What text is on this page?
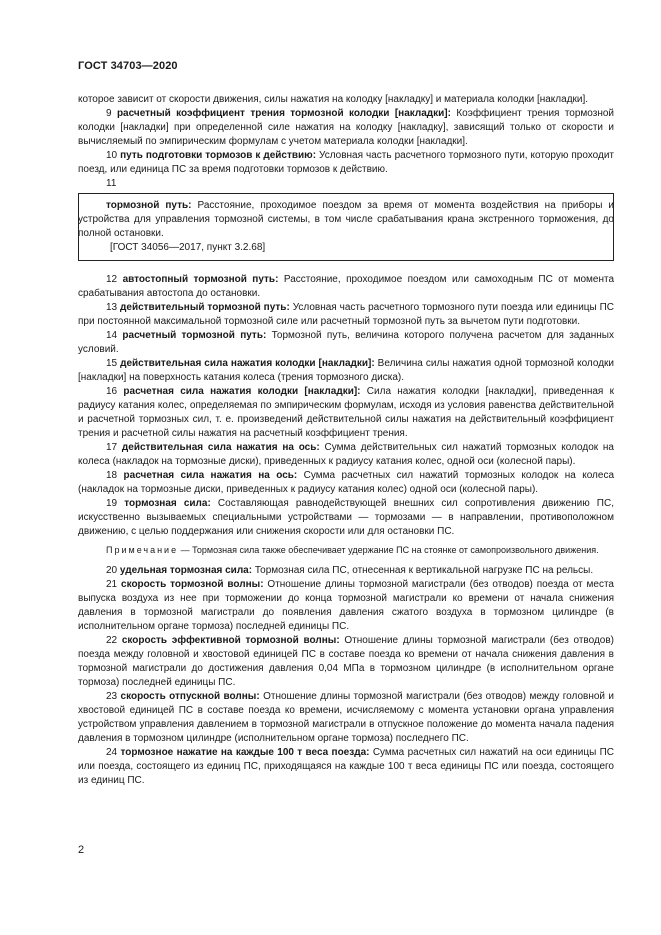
ГОСТ 34703—2020

которое зависит от скорости движения, силы нажатия на колодку [накладку] и материала колодки [накладки].

9 расчетный коэффициент трения тормозной колодки [накладки]: Коэффициент трения тормозной колодки [накладки] при определенной силе нажатия на колодку [накладку], зависящий только от скорости и вычисляемый по эмпирическим формулам с учетом материала колодки [накладки].

10 путь подготовки тормозов к действию: Условная часть расчетного тормозного пути, которую проходит поезд, или единица ПС за время подготовки тормозов к действию.

11

тормозной путь: Расстояние, проходимое поездом за время от момента воздействия на приборы и устройства для управления тормозной системы, в том числе срабатывания крана экстренного торможения, до полной остановки.

[ГОСТ 34056—2017, пункт 3.2.68]

12 автостопный тормозной путь: Расстояние, проходимое поездом или самоходным ПС от момента срабатывания автостопа до остановки.

13 действительный тормозной путь: Условная часть расчетного тормозного пути поезда или единицы ПС при постоянной максимальной тормозной силе или расчетный тормозной путь за вычетом пути подготовки.

14 расчетный тормозной путь: Тормозной путь, величина которого получена расчетом для заданных условий.

15 действительная сила нажатия колодки [накладки]: Величина силы нажатия одной тормозной колодки [накладки] на поверхность катания колеса (трения тормозного диска).

16 расчетная сила нажатия колодки [накладки]: Сила нажатия колодки [накладки], приведенная к радиусу катания колес, определяемая по эмпирическим формулам, исходя из условия равенства действительной и расчетной тормозных сил, т. е. произведений действительной силы нажатия на действительный коэффициент трения и расчетной силы нажатия на расчетный коэффициент трения.

17 действительная сила нажатия на ось: Сумма действительных сил нажатий тормозных колодок на колеса (накладок на тормозные диски), приведенных к радиусу катания колес, одной оси (колесной пары).

18 расчетная сила нажатия на ось: Сумма расчетных сил нажатий тормозных колодок на колеса (накладок на тормозные диски, приведенных к радиусу катания колес) одной оси (колесной пары).

19 тормозная сила: Составляющая равнодействующей внешних сил сопротивления движению ПС, искусственно вызываемых специальными устройствами — тормозами — в направлении, противоположном движению, с целью поддержания или снижения скорости или для остановки ПС.

Примечание — Тормозная сила также обеспечивает удержание ПС на стоянке от самопроизвольного движения.

20 удельная тормозная сила: Тормозная сила ПС, отнесенная к вертикальной нагрузке ПС на рельсы.

21 скорость тормозной волны: Отношение длины тормозной магистрали (без отводов) поезда от места выпуска воздуха из нее при торможении до конца тормозной магистрали ко времени от начала снижения давления в тормозной магистрали до появления давления сжатого воздуха в тормозном цилиндре (в исполнительном органе тормоза) последней единицы ПС.

22 скорость эффективной тормозной волны: Отношение длины тормозной магистрали (без отводов) поезда между головной и хвостовой единицей ПС в составе поезда ко времени от начала снижения давления в тормозной магистрали до достижения давления 0,04 МПа в тормозном цилиндре (в исполнительном органе тормоза) последней единицы ПС.

23 скорость отпускной волны: Отношение длины тормозной магистрали (без отводов) между головной и хвостовой единицей ПС в составе поезда ко времени, исчисляемому с момента установки органа управления устройством управления давлением в тормозной магистрали в отпускное положение до момента начала падения давления в тормозном цилиндре (исполнительном органе тормоза) последнего ПС.

24 тормозное нажатие на каждые 100 т веса поезда: Сумма расчетных сил нажатий на оси единицы ПС или поезда, состоящего из единиц ПС, приходящаяся на каждые 100 т веса единицы ПС или поезда, состоящего из единиц ПС.

2
